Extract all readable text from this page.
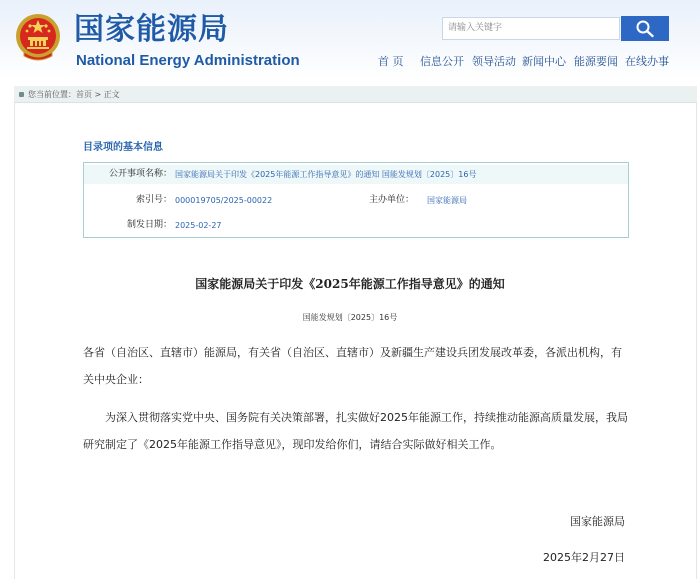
国家能源局
National Energy Administration
请输入关键字
首 页 信息公开 领导活动 新闻中心 能源要闻 在线办事
您当前位置：首页 > 正文
目录项的基本信息
公开事项名称： 国家能源局关于印发《2025年能源工作指导意见》的通知 国能发规划〔2025〕16号
索引号： 000019705/2025-00022	主办单位： 国家能源局
制发日期： 2025-02-27
国家能源局关于印发《2025年能源工作指导意见》的通知
国能发规划〔2025〕16号
各省（自治区、直辖市）能源局，有关省（自治区、直辖市）及新疆生产建设兵团发展改革委，各派出机构，有关中央企业：
为深入贯彻落实党中央、国务院有关决策部署，扎实做好2025年能源工作，持续推动能源高质量发展，我局研究制定了《2025年能源工作指导意见》，现印发给你们，请结合实际做好相关工作。
国家能源局
2025年2月27日
